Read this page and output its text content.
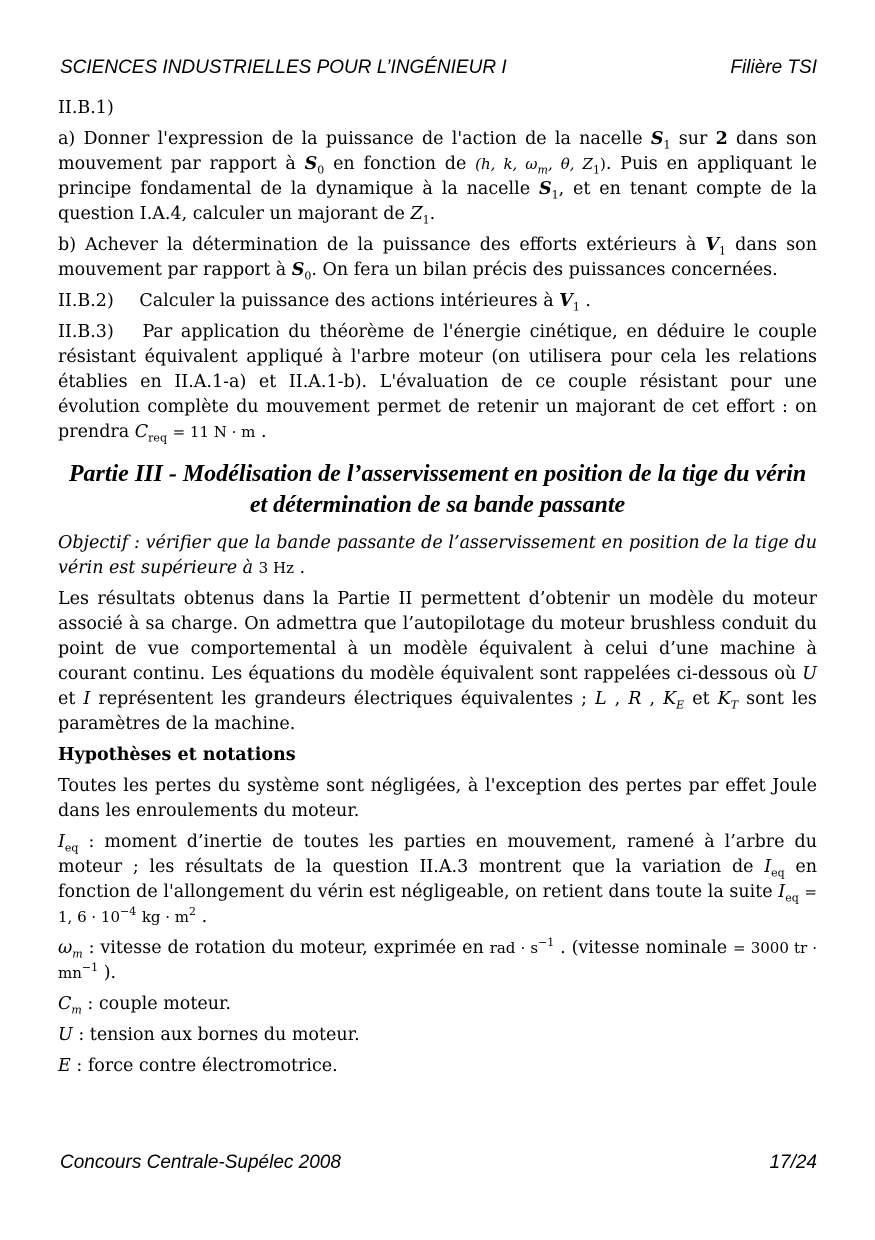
SCIENCES INDUSTRIELLES POUR L’INGÉNIEUR I	Filière TSI

II.B.1)

a) Donner l'expression de la puissance de l'action de la nacelle $S_1$ sur 2 dans son mouvement par rapport à $S_0$ en fonction de (h, k, $\omega_m$, θ, $Z_1$). Puis en appliquant le principe fondamental de la dynamique à la nacelle $S_1$, et en tenant compte de la question I.A.4, calculer un majorant de $Z_1$.

b) Achever la détermination de la puissance des efforts extérieurs à $V_1$ dans son mouvement par rapport à $S_0$. On fera un bilan précis des puissances concernées.

II.B.2) Calculer la puissance des actions intérieures à $V_1$ .

II.B.3) Par application du théorème de l'énergie cinétique, en déduire le couple résistant équivalent appliqué à l'arbre moteur (on utilisera pour cela les relations établies en II.A.1-a) et II.A.1-b). L'évaluation de ce couple résistant pour une évolution complète du mouvement permet de retenir un majorant de cet effort : on prendra $C_{req} = 11$ N · m .

Partie III - Modélisation de l’asservissement en position de la tige du vérin et détermination de sa bande passante

Objectif : vérifier que la bande passante de l’asservissement en position de la tige du vérin est supérieure à 3 Hz .

Les résultats obtenus dans la Partie II permettent d’obtenir un modèle du moteur associé à sa charge. On admettra que l’autopilotage du moteur brushless conduit du point de vue comportemental à un modèle équivalent à celui d’une machine à courant continu. Les équations du modèle équivalent sont rappelées ci-dessous où U et I représentent les grandeurs électriques équivalentes ; L , R , $K_E$ et $K_T$ sont les paramètres de la machine.

Hypothèses et notations

Toutes les pertes du système sont négligées, à l'exception des pertes par effet Joule dans les enroulements du moteur.

$I_{eq}$ : moment d’inertie de toutes les parties en mouvement, ramené à l’arbre du moteur ; les résultats de la question II.A.3 montrent que la variation de $I_{eq}$ en fonction de l'allongement du vérin est négligeable, on retient dans toute la suite $I_{eq} = 1$, $6 \cdot 10^{-4}$ kg · $m^2$ .

$\omega_m$ : vitesse de rotation du moteur, exprimée en rad · $s^{-1}$ . (vitesse nominale = 3000 tr · $mn^{-1}$ ).

$C_m$ : couple moteur.

U : tension aux bornes du moteur.

E : force contre électromotrice.

Concours Centrale-Supélec 2008	17/24
